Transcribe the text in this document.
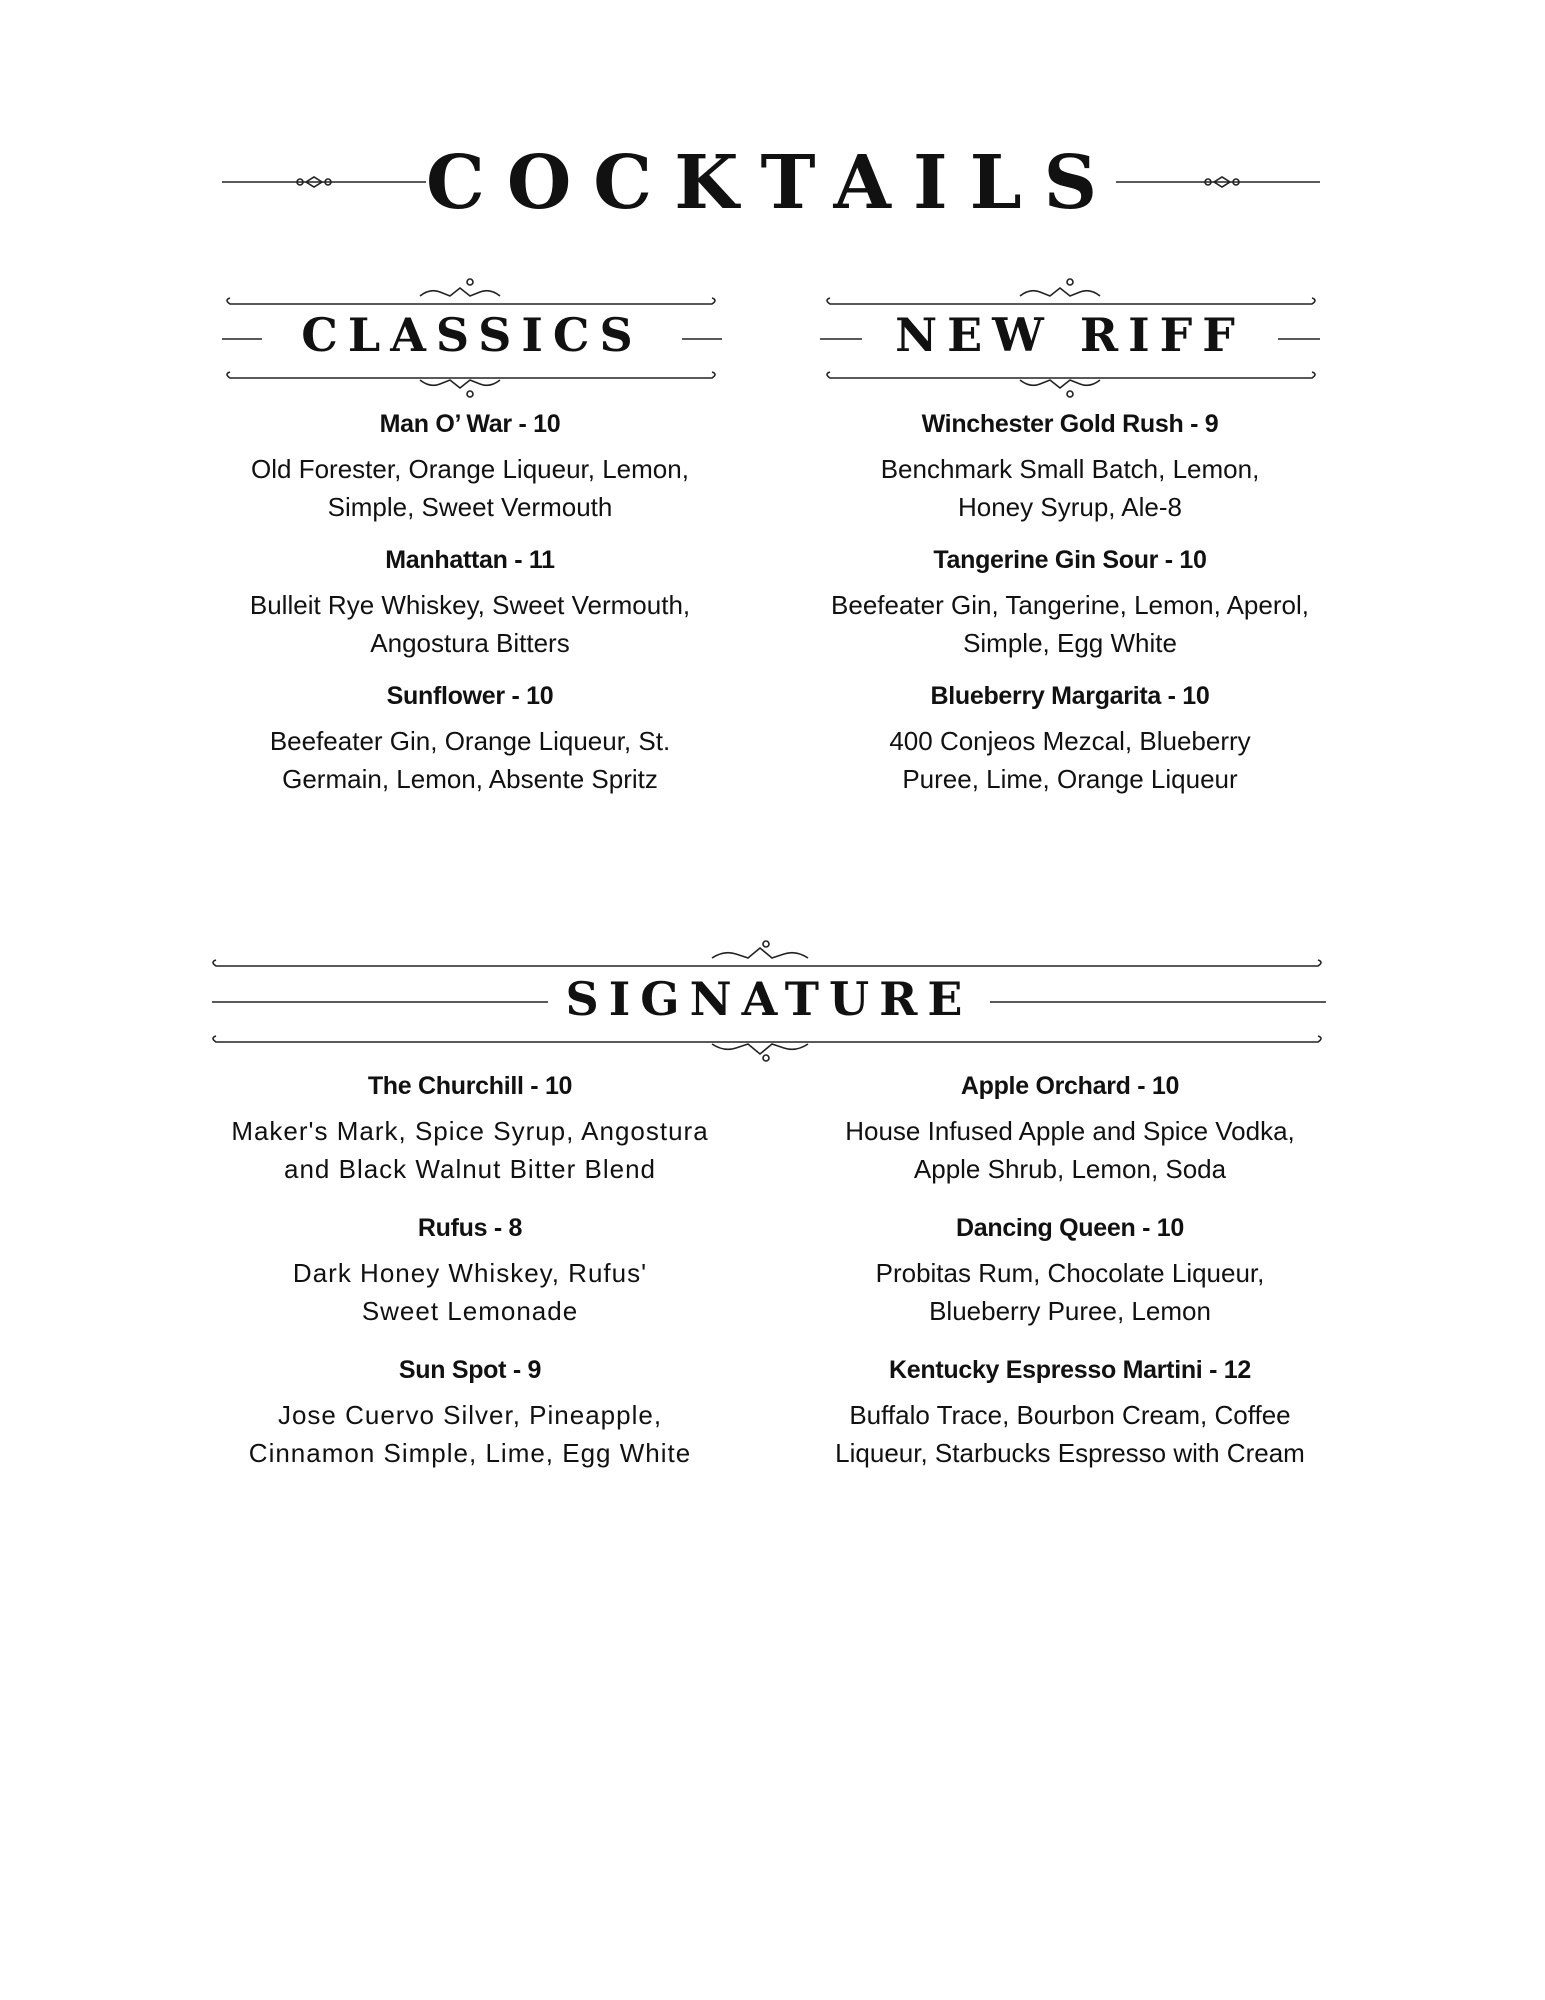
COCKTAILS
CLASSICS	NEW RIFF
SIGNATURE
Man O’ War - 10
Old Forester, Orange Liqueur, Lemon, Simple, Sweet Vermouth
Manhattan - 11
Bulleit Rye Whiskey, Sweet Vermouth, Angostura Bitters
Sunflower - 10
Beefeater Gin, Orange Liqueur, St. Germain, Lemon, Absente Spritz
Winchester Gold Rush - 9
Benchmark Small Batch, Lemon, Honey Syrup, Ale-8
Tangerine Gin Sour - 10
Beefeater Gin, Tangerine, Lemon, Aperol, Simple, Egg White
Blueberry Margarita - 10
400 Conjeos Mezcal, Blueberry Puree, Lime, Orange Liqueur
The Churchill - 10
Maker's Mark, Spice Syrup, Angostura and Black Walnut Bitter Blend
Rufus - 8
Dark Honey Whiskey, Rufus' Sweet Lemonade
Sun Spot - 9
Jose Cuervo Silver, Pineapple, Cinnamon Simple, Lime, Egg White
Apple Orchard - 10
House Infused Apple and Spice Vodka, Apple Shrub, Lemon, Soda
Dancing Queen - 10
Probitas Rum, Chocolate Liqueur, Blueberry Puree, Lemon
Kentucky Espresso Martini - 12
Buffalo Trace, Bourbon Cream, Coffee Liqueur, Starbucks Espresso with Cream
